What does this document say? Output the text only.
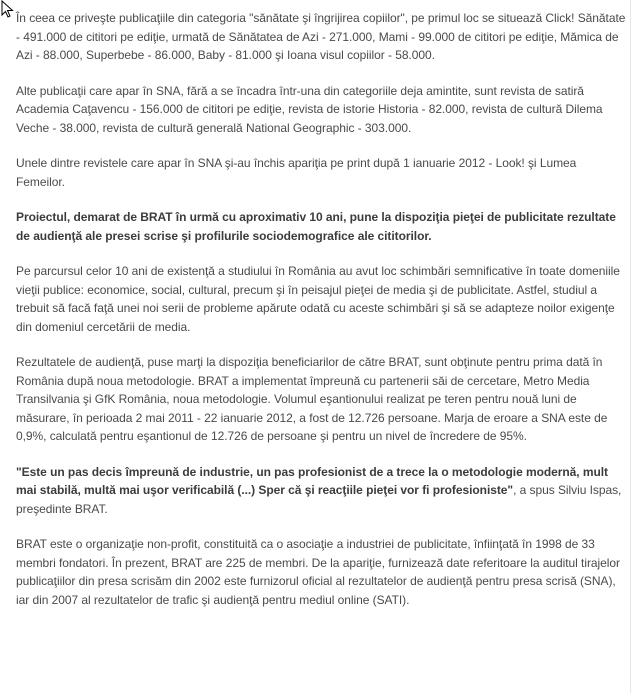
În ceea ce priveşte publicaţiile din categoria "sănătate şi îngrijirea copiilor", pe primul loc se situează Click! Sănătate - 491.000 de cititori pe ediţie, urmată de Sănătatea de Azi - 271.000, Mami - 99.000 de cititori pe ediţie, Mămica de Azi - 88.000, Superbebe - 86.000, Baby - 81.000 şi Ioana visul copiilor - 58.000.

Alte publicaţii care apar în SNA, fără a se încadra într-una din categoriile deja amintite, sunt revista de satiră Academia Caţavencu - 156.000 de cititori pe ediţie, revista de istorie Historia - 82.000, revista de cultură Dilema Veche - 38.000, revista de cultură generală National Geographic - 303.000.

Unele dintre revistele care apar în SNA şi-au închis apariţia pe print după 1 ianuarie 2012 - Look! şi Lumea Femeilor.

Proiectul, demarat de BRAT în urmă cu aproximativ 10 ani, pune la dispoziţia pieţei de publicitate rezultate de audienţă ale presei scrise şi profilurile sociodemografice ale cititorilor.

Pe parcursul celor 10 ani de existenţă a studiului în România au avut loc schimbări semnificative în toate domeniile vieţii publice: economice, social, cultural, precum şi în peisajul pieţei de media şi de publicitate. Astfel, studiul a trebuit să facă faţă unei noi serii de probleme apărute odată cu aceste schimbări şi să se adapteze noilor exigenţe din domeniul cercetării de media.

Rezultatele de audienţă, puse marţi la dispoziţia beneficiarilor de către BRAT, sunt obţinute pentru prima dată în România după noua metodologie. BRAT a implementat împreună cu partenerii săi de cercetare, Metro Media Transilvania şi GfK România, noua metodologie. Volumul eşantionului realizat pe teren pentru nouă luni de măsurare, în perioada 2 mai 2011 - 22 ianuarie 2012, a fost de 12.726 persoane. Marja de eroare a SNA este de 0,9%, calculată pentru eşantionul de 12.726 de persoane şi pentru un nivel de încredere de 95%.

"Este un pas decis împreună de industrie, un pas profesionist de a trece la o metodologie modernă, mult mai stabilă, multă mai uşor verificabilă (...) Sper că şi reacţiile pieţei vor fi profesioniste", a spus Silviu Ispas, preşedinte BRAT.

BRAT este o organizaţie non-profit, constituită ca o asociaţie a industriei de publicitate, înfiinţată în 1998 de 33 membri fondatori. În prezent, BRAT are 225 de membri. De la apariţie, furnizează date referitoare la auditul tirajelor publicaţiilor din presa scrisăm din 2002 este furnizorul oficial al rezultatelor de audienţă pentru presa scrisă (SNA), iar din 2007 al rezultatelor de trafic şi audienţă pentru mediul online (SATI).
